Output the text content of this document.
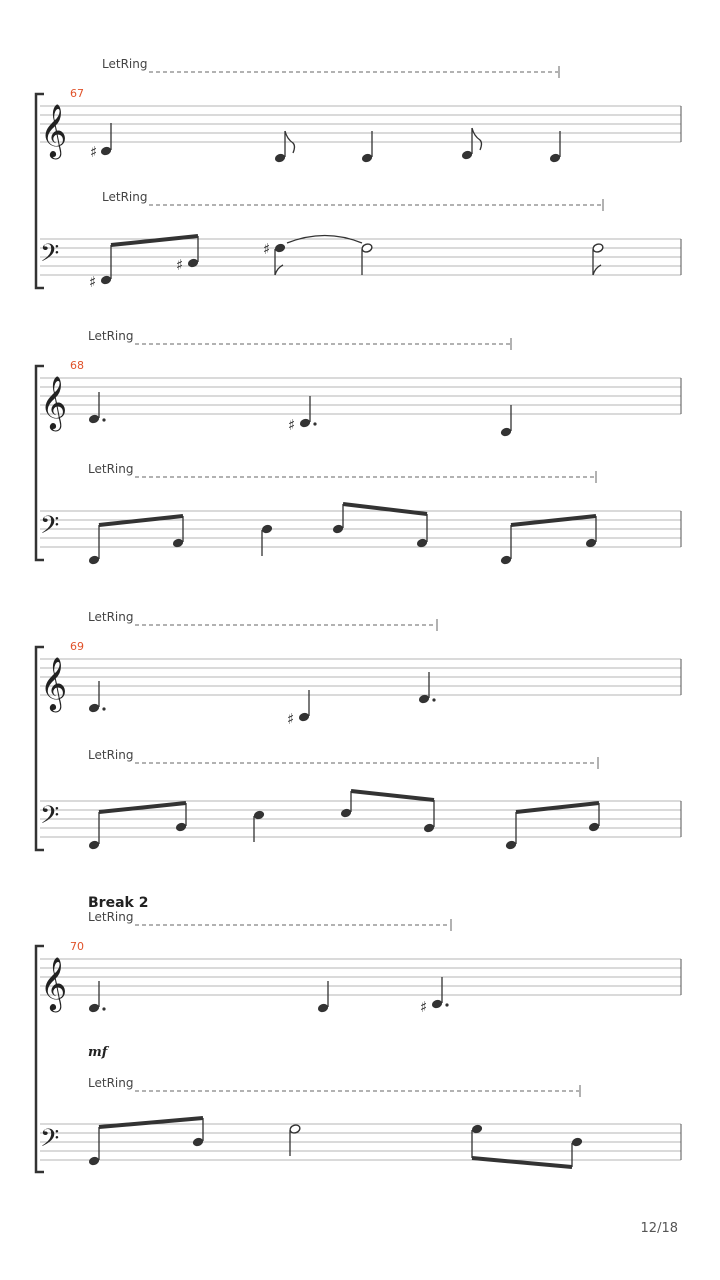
LetRing
67
𝄞 ♯
LetRing
𝄢
♯
♯
♯
LetRing
68
𝄞	♯
LetRing
𝄢
LetRing
69
𝄞
♯
LetRing
𝄢
Break 2
LetRing
70
𝄞	♯
mf
LetRing
𝄢
12/18
